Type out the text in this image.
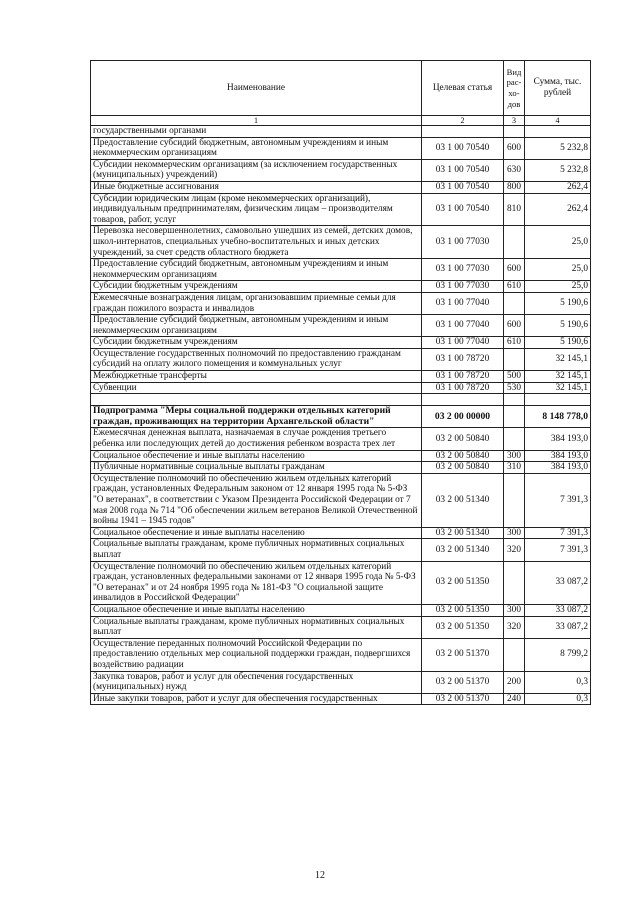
Наименование	Целевая статья	Вид рас-хо-дов	Сумма, тыс. рублей
1	2	3	4
государственными органами			
Предоставление субсидий бюджетным, автономным учреждениям и иным некоммерческим организациям	03 1 00 70540	600	5 232,8
Субсидии некоммерческим организациям (за исключением государственных (муниципальных) учреждений)	03 1 00 70540	630	5 232,8
Иные бюджетные ассигнования	03 1 00 70540	800	262,4
Субсидии юридическим лицам (кроме некоммерческих организаций), индивидуальным предпринимателям, физическим лицам – производителям товаров, работ, услуг	03 1 00 70540	810	262,4
Перевозка несовершеннолетних, самовольно ушедших из семей, детских домов, школ-интернатов, специальных учебно-воспитательных и иных детских учреждений, за счет средств областного бюджета	03 1 00 77030		25,0
Предоставление субсидий бюджетным, автономным учреждениям и иным некоммерческим организациям	03 1 00 77030	600	25,0
Субсидии бюджетным учреждениям	03 1 00 77030	610	25,0
Ежемесячные вознаграждения лицам, организовавшим приемные семьи для граждан пожилого возраста и инвалидов	03 1 00 77040		5 190,6
Предоставление субсидий бюджетным, автономным учреждениям и иным некоммерческим организациям	03 1 00 77040	600	5 190,6
Субсидии бюджетным учреждениям	03 1 00 77040	610	5 190,6
Осуществление государственных полномочий по предоставлению гражданам субсидий на оплату жилого помещения и коммунальных услуг	03 1 00 78720		32 145,1
Межбюджетные трансферты	03 1 00 78720	500	32 145,1
Субвенции	03 1 00 78720	530	32 145,1

Подпрограмма "Меры социальной поддержки отдельных категорий граждан, проживающих на территории Архангельской области"	03 2 00 00000		8 148 778,0
Ежемесячная денежная выплата, назначаемая в случае рождения третьего ребенка или последующих детей до достижения ребенком возраста трех лет	03 2 00 50840		384 193,0
Социальное обеспечение и иные выплаты населению	03 2 00 50840	300	384 193,0
Публичные нормативные социальные выплаты гражданам	03 2 00 50840	310	384 193,0
Осуществление полномочий по обеспечению жильем отдельных категорий граждан, установленных Федеральным законом от 12 января 1995 года № 5-ФЗ "О ветеранах", в соответствии с Указом Президента Российской Федерации от 7 мая 2008 года № 714 "Об обеспечении жильем ветеранов Великой Отечественной войны 1941 – 1945 годов"	03 2 00 51340		7 391,3
Социальное обеспечение и иные выплаты населению	03 2 00 51340	300	7 391,3
Социальные выплаты гражданам, кроме публичных нормативных социальных выплат	03 2 00 51340	320	7 391,3
Осуществление полномочий по обеспечению жильем отдельных категорий граждан, установленных федеральными законами от 12 января 1995 года № 5-ФЗ "О ветеранах" и от 24 ноября 1995 года № 181-ФЗ "О социальной защите инвалидов в Российской Федерации"	03 2 00 51350		33 087,2
Социальное обеспечение и иные выплаты населению	03 2 00 51350	300	33 087,2
Социальные выплаты гражданам, кроме публичных нормативных социальных выплат	03 2 00 51350	320	33 087,2
Осуществление переданных полномочий Российской Федерации по предоставлению отдельных мер социальной поддержки граждан, подвергшихся воздействию радиации	03 2 00 51370		8 799,2
Закупка товаров, работ и услуг для обеспечения государственных (муниципальных) нужд	03 2 00 51370	200	0,3
Иные закупки товаров, работ и услуг для обеспечения государственных	03 2 00 51370	240	0,3
12
